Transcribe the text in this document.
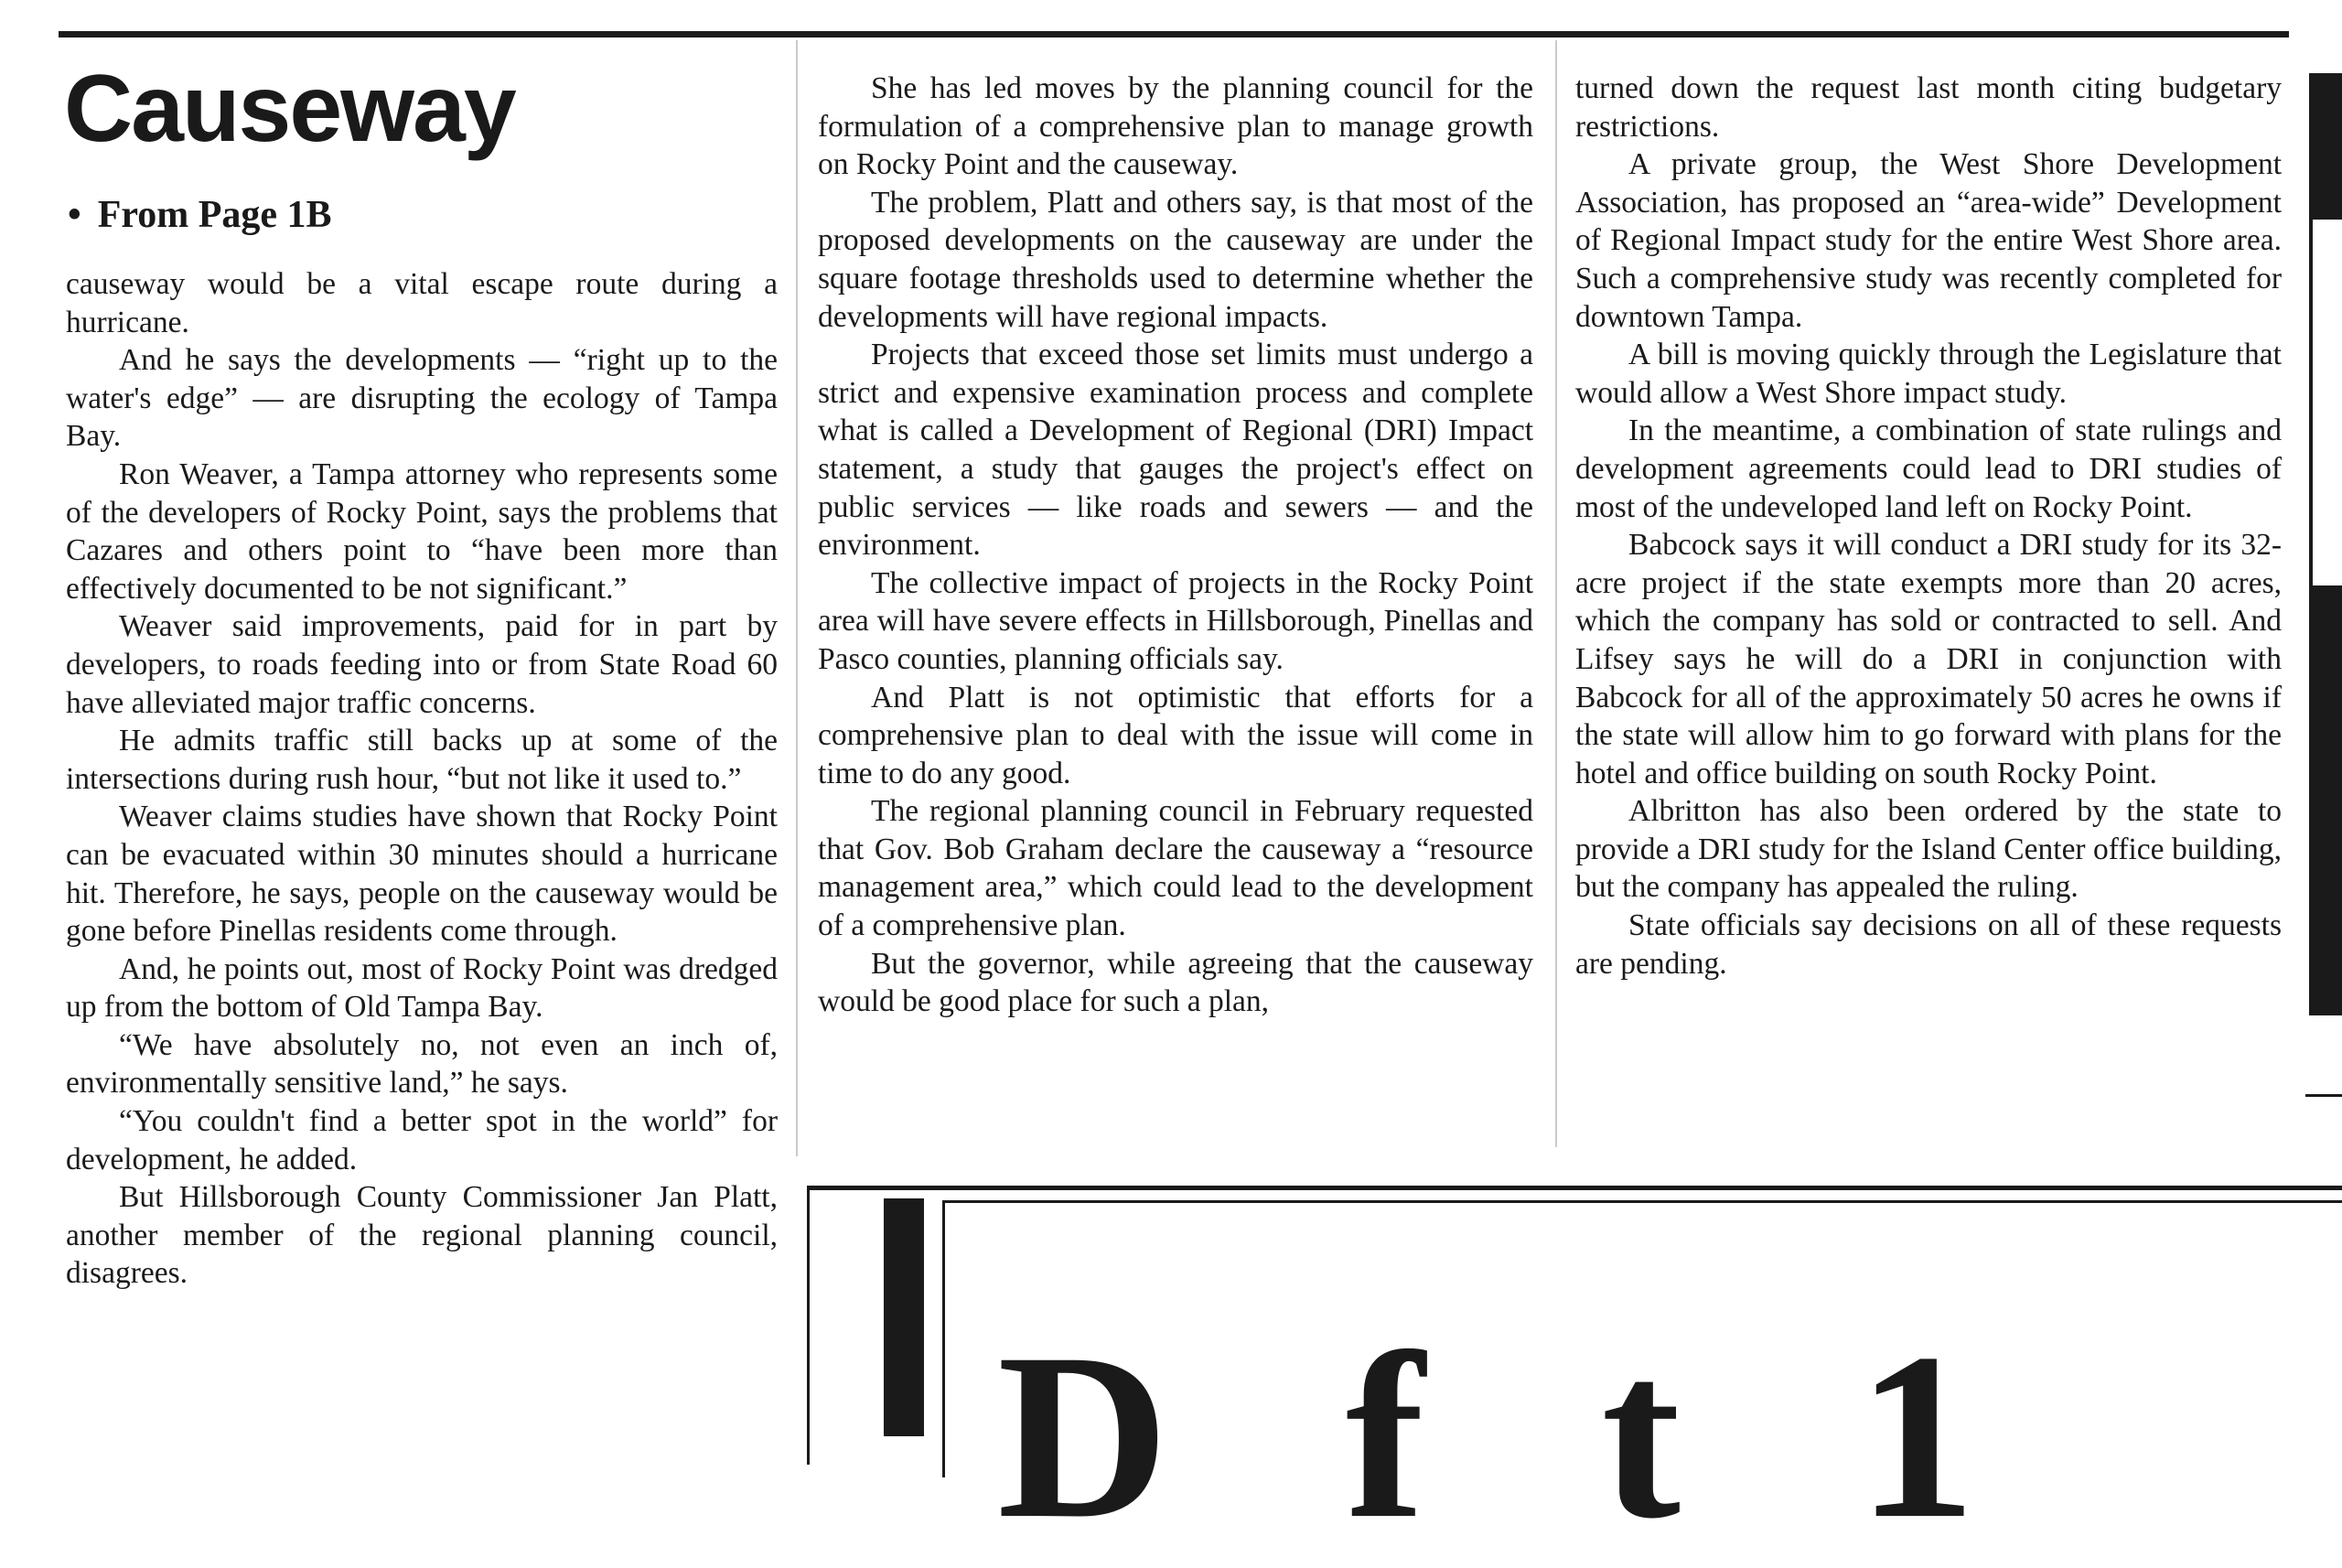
Causeway
• From Page 1B

causeway would be a vital escape route during a hurricane.

And he says the developments — “right up to the water's edge” — are disrupting the ecology of Tampa Bay.

Ron Weaver, a Tampa attorney who represents some of the developers of Rocky Point, says the problems that Cazares and others point to “have been more than effectively documented to be not significant.”

Weaver said improvements, paid for in part by developers, to roads feeding into or from State Road 60 have alleviated major traffic concerns.

He admits traffic still backs up at some of the intersections during rush hour, “but not like it used to.”

Weaver claims studies have shown that Rocky Point can be evacuated within 30 minutes should a hurricane hit. Therefore, he says, people on the causeway would be gone before Pinellas residents come through.

And, he points out, most of Rocky Point was dredged up from the bottom of Old Tampa Bay.

“We have absolutely no, not even an inch of, environmentally sensitive land,” he says.

“You couldn't find a better spot in the world” for development, he added.

But Hillsborough County Commissioner Jan Platt, another member of the regional planning council, disagrees.

She has led moves by the planning council for the formulation of a comprehensive plan to manage growth on Rocky Point and the causeway.

The problem, Platt and others say, is that most of the proposed developments on the causeway are under the square footage thresholds used to determine whether the developments will have regional impacts.

Projects that exceed those set limits must undergo a strict and expensive examination process and complete what is called a Development of Regional (DRI) Impact statement, a study that gauges the project's effect on public services — like roads and sewers — and the environment.

The collective impact of projects in the Rocky Point area will have severe effects in Hillsborough, Pinellas and Pasco counties, planning officials say.

And Platt is not optimistic that efforts for a comprehensive plan to deal with the issue will come in time to do any good.

The regional planning council in February requested that Gov. Bob Graham declare the causeway a “resource management area,” which could lead to the development of a comprehensive plan.

But the governor, while agreeing that the causeway would be good place for such a plan,

turned down the request last month citing budgetary restrictions.

A private group, the West Shore Development Association, has proposed an “area-wide” Development of Regional Impact study for the entire West Shore area. Such a comprehensive study was recently completed for downtown Tampa.

A bill is moving quickly through the Legislature that would allow a West Shore impact study.

In the meantime, a combination of state rulings and development agreements could lead to DRI studies of most of the undeveloped land left on Rocky Point.

Babcock says it will conduct a DRI study for its 32-acre project if the state exempts more than 20 acres, which the company has sold or contracted to sell. And Lifsey says he will do a DRI in conjunction with Babcock for all of the approximately 50 acres he owns if the state will allow him to go forward with plans for the hotel and office building on south Rocky Point.

Albritton has also been ordered by the state to provide a DRI study for the Island Center office building, but the company has appealed the ruling.

State officials say decisions on all of these requests are pending.

D f t 1
